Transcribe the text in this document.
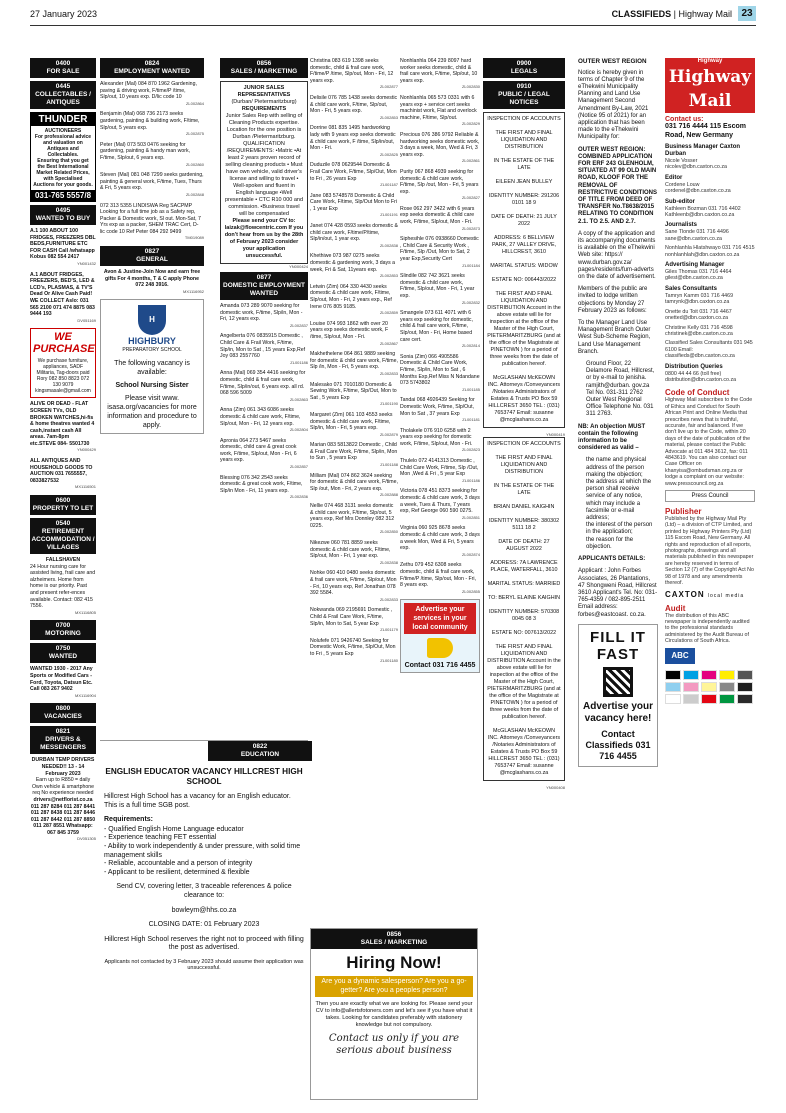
27 January 2023	CLASSIFIEDS | Highway Mail 23
0400
FOR SALE
0445
COLLECTABLES / ANTIQUES
THUNDER
AUCTIONEERS
For professional advice and valuation on Antiques and Collectables.
Ensuring that you get the Best International Market Related Prices, with Specialised Auctions for your goods.
031-765 5557/8
0495
WANTED TO BUY
A.1 100 ABOUT 100 FRIDGES, FREEZERS DBL BEDS,FURNITURE ETC FOR CASH Call /whatsapp Kobus 082 554 2417
YN001432
A.1 ABOUT FRIDGES, FREEZERS, BED'S, LED & LCD's, PLASMAS, & TV'S Dead Or Alive Cash Paid! WE COLLECT Aslo: 031 565 2100 071 474 8875 083 9444 193
DV051169
WE PURCHASE
We purchase furniture, appliances, SADF Militaria, Tag-doors paid Rory 082 850 8823 072 130 9079 kingsmasale@gmail.com
ALIVE OR DEAD - FLAT SCREEN TVs, OLD BROKEN WATCHES,hi-fis & home theatres wanted 4 cash,instant cash All areas. 7am-8pm etc.STEVE 084- 5501730
YN000429
ALL ANTIQUES AND HOUSEHOLD GOODS TO AUCTION 031 7655557, 0833827532
MX1116501
0600
PROPERTY TO LET
0540
RETIREMENT ACCOMMODATION / VILLAGES
FALLSHAVEN
24 Hour nursing care for assisted living, frail care and alzheimers. Home from home is our priority. Past and present refer-ences available. Contact: 082 415 7556.
MX1116805
0700
MOTORING
0750
WANTED
WANTED 1930 - 2017 Any Sports or Modified Cars - Ford, Toyota, Datsun Etc. Call 083 267 9402
MX1116904
0800
VACANCIES
0821
DRIVERS & MESSENGERS
DURBAN TEMP DRIVERS NEEDED!! 13 - 14 February 2023
Earn up to R850 = daily Own vehicle & smartphone req No experience needed
drivers@netflorist.co.za 011 287 8284 011 287 8441 011 287 8438 011 287 8446 011 287 8442 011 287 8850 011 287 8551 Whatsapp: 067 845 3759
DV051305
0824
EMPLOYMENT WANTED
Alexander (Mal) 084 870 1962 Gardening, paving & driving work, F/time/P /time, Slp/out, 10 years exp. D/lic code 10
ZL002864
Benjamin (Mal) 068 736 2173 seeks gardening, painting & building work, F/time, Slp/out, 5 years exp.
ZL002875
Peter (Mal) 073 503 0476 seeking for gardening, painting & handy man work, F/time, Slp/out, 6 years exp.
ZL002860
Steven (Mal) 081 048 7299 seeks gardening, painting & general work, F/time, Tues, Thurs & Fri, 5 years exp.
ZL002848
072 313 5355 LINDISWA Reg SACPMP Looking for a full time job as a Safety rep, Packer & Domestic work, Sl out. Mon-Sat, 7 Yrs exp as a packer, SHEM TRAC Cert, D- lic code 10 Ref Peter 084 292 9499
TM019089
0827
GENERAL
Avon & Justine-Join Now and earn free gifts For 4 months, T & C apply Phone 072 248 3916.
MX1116952
H
HIGHBURY
PREPARATORY SCHOOL
The following vacancy is available:
School Nursing Sister
Please visit www. isasa.org/vacancies for more information and procedure to apply.
0856
SALES / MARKETING
JUNIOR SALES REPRESENTATIVES
(Durban/ Pietermaritzburg)
REQUIREMENTS
Junior Sales Rep with selling of Cleaning Products expertise. Location for the one position is Durban /Pietermaritzburg. QUALIFICATION /REQUIREMENTS: •Matric •At least 2 years proven record of selling cleaning products • Must have own vehicle, valid driver's license and willing to travel • Well-spoken and fluent in English language •Well presentable • CTC R10 000 and commission. •Business travel will be compensated
Please send your CV to: laizak@flowcentric.com If you don't hear from us by the 28th of February 2023 consider your application unsuccessful.
YN000424
0877
DOMESTIC EMPLOYMENT WANTED
Amanda 073 289 9070 seeking for domestic work, F/time, Slp/in, Mon - Fri, 12 years exp.
ZL002837
Angelberta 076 0835915 Domestic , Child Care & Frail Work, F/time, Slp/in, Mon to Sat , 15 years Exp,Ref Joy 083 2557760
ZL001186
Anna (Mal) 069 354 4416 seeking for domestic, child & frail care work, F/time, Slp/in/out, 6 years exp. all rd. 068 596 5009
ZL002863
Anna (Zim) 061 343 6086 seeks domestic & child care work, F/time, Slp/out, Mon - Fri, 12 years exp.
ZL002804
Apronia 064 273 5467 seeks domestic, child care & great cook work, F/time, Slp/out, Mon - Fri, 6 years exp.
ZL002857
Blessing 076 342 2543 seeks domestic & great cook work, F/time, Slp/in Mon - Fri, 11 years exp.
ZL002836
0822
EDUCATION
ENGLISH EDUCATOR VACANCY HILLCREST HIGH SCHOOL

Hillcrest High School has a vacancy for an English educator. This is a full time SGB post.

Requirements:

- Qualified English Home Language educator
- Experience teaching FET essential
- Ability to work independently & under pressure, with solid time management skills
- Reliable, accountable and a person of integrity
- Applicant to be resilient, determined & flexible

Send CV, covering letter, 3 traceable references & police clearance to:

bowleym@hhs.co.za

CLOSING DATE: 01 February 2023

Hillcrest High School reserves the right not to proceed with filling the post as advertised.

Applicants not contacted by 3 February 2023 should assume their application was unsuccessful.

Christina 083 619 1398 seeks domestic, child & frail care work, F/time/P /time, Slp/out, Mon - Fri, 12 years exp.
ZL002877
Delisile 076 785 1438 seeks domestic & child care work, F/time, Slp/out, Mon - Fri, 5 years exp.
ZL002853
Dorrine 081 835 1495 hardworking lady with 9 years exp seeks domestic & child care work, F /time, Slp/in/out, Mon - Fri.
ZL002825
Duduzile 078 0629544 Domestic & Frail Care Work, F/time, Slp/Out, Mon to Fri , 26 years Exp
ZL001187
Jane 083 5748578 Domestic & Child Care Work, F/time, Slp/Out Mon to Fri , 1 year Exp
ZL001191
Janet 074 428 0593 seeks domestic & child care work, F/time/P/time, Slp/in/out, 1 year exp.
ZL002838
Khethiwe 073 987 0275 seeks domestic & gardening work, 3 days a week, Fri & Sat, 11years exp.
ZL002853
Letwin (Zim) 064 330 4430 seeks domestic & child care work, F/time, Slp/out, Mon - Fri, 2 years exp., Ref Irene 076 805 9185.
ZL002859
Louise 074 993 1862 with over 20 years exp seeks domestic work, F /time, Slp/out, Mon - Fri.
ZL002867
Makhethelene 064 861 9889 seeking for domestic & child care work, F/time, Slp /in, Mon - Fri, 5 years exp.
ZL002833
Malesako 071 7010180 Domestic & Sewing Work, F/time, Slp/Out, Mon to Sat , 5 years Exp
ZL001190
Margaret (Zim) 061 103 4553 seeks domestic & child care work, F/time, Slp/in, Mon - Fri, 5 years exp.
ZL002879
Marian 083 5813822 Domestic , Child & Frail Care Work, F/time, Slp/in, Mon to Sun , 5 years Exp
ZL001188
Milliam (Mal) 074 862 3624 seeking for domestic & child care work, F/time, Slp /out, Mon - Fri, 2 years exp.
ZL002888
Nellie 074 468 3131 seeks domestic & child care work, F/time, Slp/out, 5 years exp, Ref Mrs Donnley 082 312 0225.
ZL002850
Nikezwe 060 781 8859 seeks domestic & child care work, F/time, Slp/out, Mon - Fri, 1 year exp.
ZL002838
Nohke 060 410 0480 seeks domestic & frail care work, F/time, Slp/out, Mon - Fri, 10 years exp, Ref Jonathan 078 392 5584.
ZL002833
Nokwanda 069 2195691 Domestic , Child & Frail Care Work, F/time, Slp/in, Mon to Sat, 5 year Exp
ZL001179
Nolufefe 071 9426740 Seeking for Domestic Work, F/time, Slp/Out, Mon to Fri , 5 years Exp
ZL001180
0856
SALES / MARKETING
Hiring Now!
Are you a dynamic salesperson? Are you a go-getter? Are you a peoples person?
Then you are exactly what we are looking for. Please send your CV to info@allertsfotoners.com and let's see if you have what it takes. Looking for candidates preferably with stationery knowledge but not compulsory.
Contact us only if you are serious about business
Nonhlanhla 064 239 8097 hard worker seeks domestic, child & frail care work, F/time, Slp/out, 10 years exp.
ZL002830
Nonhlanhla 065 573 0331 with 6 years exp + service cert seeks machinist work, Flat and overlock machine, F/time, Slp/out.
ZL002829
Precious 076 386 9792 Reliable & hardworking seeks domestic work, 3 days a week, Mon, Wed & Fri, 3 years exp.
ZL002861
Purity 067 868 4939 seeking for domestic & child care work, F/time, Slp /out, Mon - Fri, 5 years exp.
ZL002827
Rose 062 297 3422 with 6 years exp seeks domestic & child care work, F/time, Slp/out, Mon - Fri.
ZL002873
Siphesihle 076 0938660 Domestic , Child Care & Security Work , F/time, Slp /Out, Mon to Sat, 2 year Exp,Security Cert
ZL001184
Slindile 082 742 3621 seeks domestic & child care work, F/time, Slp/out, Mon - Fri, 1 year exp.
ZL002832
Smangele 073 611 4071 with 6 years exp seeking for domestic, child & frail care work, F/time, Slp/out, Mon - Fri, Home based care cert.
ZL002814
Sonia (Zim) 066 4905586 Domestic & Child Care Work, F/time, Slp/in, Mon to Sat , 6 Months Exp,Ref Miss N Ndandane 073 5743802
ZL001185
Tandai 068 4926439 Seeking for Domestic Work, F/time, Slp/Out, Mon to Sat , 37 years Exp
ZL001181
Tholakele 076 910 6258 with 2 years exp seeking for domestic work, F/time, Slp/out, Mon - Fri.
ZL002823
Thulelo 072 4141313 Domestic , Child Care Work, F/time, Slp /Out, Mon ,Wed & Fri , 5 year Exp
ZL001186
Victoria 078 451 8373 seeking for domestic & child care work, 3 days a week, Tues & Thurs, 7 years exp, Ref George 060 590 0275.
ZL002851
Virginia 060 925 8678 seeks domestic & child care work, 3 days a week Mon, Wed & Fri, 5 years exp.
ZL002874
Zethu 079 452 6308 seeks domestic, child & frail care work, F/time/P /time, Slp/out, Mon - Fri, 8 years exp.
ZL002855
Advertise your services in your local community
Contact 031 716 4455
0900
LEGALS
0910
PUBLIC / LEGAL NOTICES
INSPECTION OF ACCOUNTS

THE FIRST AND FINAL LIQUIDATION AND DISTRIBUTION

IN THE ESTATE OF THE LATE

EILEEN JEAN BULLEY

IDENTITY NUMBER: 291206 0101 18 9

DATE OF DEATH: 21 JULY 2022

ADDRESS: 6 BELLVIEW PARK, 27 VALLEY DRIVE, HILLCREST, 3610

MARITAL STATUS: WIDOW

ESTATE NO: 006443/2022

THE FIRST AND FINAL LIQUIDATION AND DISTRIBUTION Account in the above estate will lie for inspection at the office of the Master of the High Court, PIETERMARITZBURG (and at the office of the Magistrate at PINETOWN ) for a period of three weeks from the date of publication hereof.

McGLASHAN McKEOWN INC. Attorneys /Conveyancers /Notaries Administrators of Estates & Trusts PO Box 59 HILLCREST 3650 TEL : (031) 7653747 Email: susanne @mcglashans.co.za
YN000419
INSPECTION OF ACCOUNTS

THE FIRST AND FINAL LIQUIDATION AND DISTRIBUTION

IN THE ESTATE OF THE LATE

BRIAN DANIEL KAIGHIN

IDENTITY NUMBER: 380302 5111 18 2

DATE OF DEATH: 27 AUGUST 2022

ADDRESS: 7A LAWRENCE PLACE, WATERFALL, 3610

MARITAL STATUS: MARRIED

TO: BERYL ELAINE KAIGHIN

IDENTITY NUMBER: 570308 0045 08 3

ESTATE NO: 007613/2022

THE FIRST AND FINAL LIQUIDATION AND DISTRIBUTION Account in the above estate will lie for inspection at the office of the Master of the High Court, PIETERMARITZBURG (and at the office of the Magistrate at PINETOWN ) for a period of three weeks from the date of publication hereof.

McGLASHAN McKEOWN INC. Attorneys /Conveyancers /Notaries Administrators of Estates & Trusts PO Box 59 HILLCREST 3650 TEL : (031) 7653747 Email: susanne @mcglashans.co.za
YN000408
OUTER WEST REGION

Notice is hereby given in terms of Chapter 9 of the eThekwini Municipality Planning and Land Use Management Second Amendment By-Law, 2021 (Notice 95 of 2021) for an application that has been made to the eThekwini Municipality for:

OUTER WEST REGION: COMBINED APPLICATION FOR ERF 243 GLENHOLM, SITUATED AT 99 OLD MAIN ROAD, KLOOF FOR THE REMOVAL OF RESTRICTIVE CONDITIONS OF TITLE FROM DEED OF TRANSFER No.T8638/2015 RELATING TO CONDITION 2.1. TO 2.5. AND 2.7.

A copy of the application and its accompanying documents is available on the eThekwini Web site: https:// www.durban.gov.za/ pages/residents/fum-adverts on the date of advertisement.

Members of the public are invited to lodge written objections by Monday 27 February 2023 as follows:

To the Manager Land Use Management Branch Outer West Sub-Scheme Region, Land Use Management Branch.

• Ground Floor, 22 Delamore Road, Hillcrest, or by e-mail to jenisha. ramjith@durban. gov.za Tel No. 031-311 2762
• Outer West Regional Office Telephone No. 031 311 2763.

NB: An objection MUST contain the following information to be considered as valid –

• the name and physical address of the person making the objection;
• the address at which the person shall receive service of any notice, which may include a facsimile or e-mail address;
• the interest of the person in the application;
• the reason for the objection.

APPLICANTS DETAILS:

Applicant : John Forbes Associates, 26 Plantations, 47 Shongweni Road, Hillcrest 3610 Applicant's Tel. No: 031-765-4359 / 082-895-2511 Email address: forbes@eastcoast. co.za.

FILL IT FAST
Advertise your vacancy here!
Contact Classifieds 031 716 4455
Highway
Highway Mail
Contact us:
031 716 4444 115 Escom Road, New Germany
Business Manager Caxton Durban

Nicole Vosser nicolev@dbn.caxton.co.za

Editor

Cordene Louw cordenel@dbn.caxton.co.za

Sub-editor

Kathleen Bozman 031 716 4402 Kathleenb@dbn.caxton.co.za

Journalists

Sane Tlonde 031 716 4496 sane@dbn.caxton.co.za

Nonhlanhla Hlatshwayo 031 716 4515 nonhlanhlah@dbn.caxton.co.za

Advertising Manager

Giles Thomas 031 716 4464 gilest@dbn.caxton.co.za

Sales Consultants

Tamryn Kamm 031 716 4469 tamrynk@dbn.caxton.co.za

Onette du Toit 031 716 4467 onetted@dbn.caxton.co.za

Christine Kelly 031 716 4598 christinek@dbn.caxton.co.za

Classified Sales Consultants 031 945 6100 Email: classifieds@dbn.caxton.co.za

Distribution Queries

0800 44 44 66 (toll free) distribution@dbn.caxton.co.za

Code of Conduct
Highway Mail subscribes to the Code of Ethics and Conduct for South African Print and Online Media that prescribes news that is truthful, accurate, fair and balanced. If we don't live up to the Code, within 20 days of the date of publication of the material, please contact the Public Advocate at 011 484 3612, fax: 011 4843619. You can also contact our Case Officer on khanyisa@ombudsman.org.za or lodge a complaint on our website: www.presscouncil.org.za
Press Council
Publisher
Published by the Highway Mail Pty (Ltd) – a division of CTP Limited, and printed by Highway Printers Pty (Ltd) 115 Escom Road, New Germany. All rights and reproduction of all reports, photographs, drawings and all materials published in this newspaper are hereby reserved in terms of Section 12 (7) of the Copyright Act No 98 of 1978 and any amendments thereof.
CAXTON local media
Audit
The distribution of this ABC newspaper is independently audited to the professional standards administered by the Audit Bureau of Circulations of South Africa.
ABC
